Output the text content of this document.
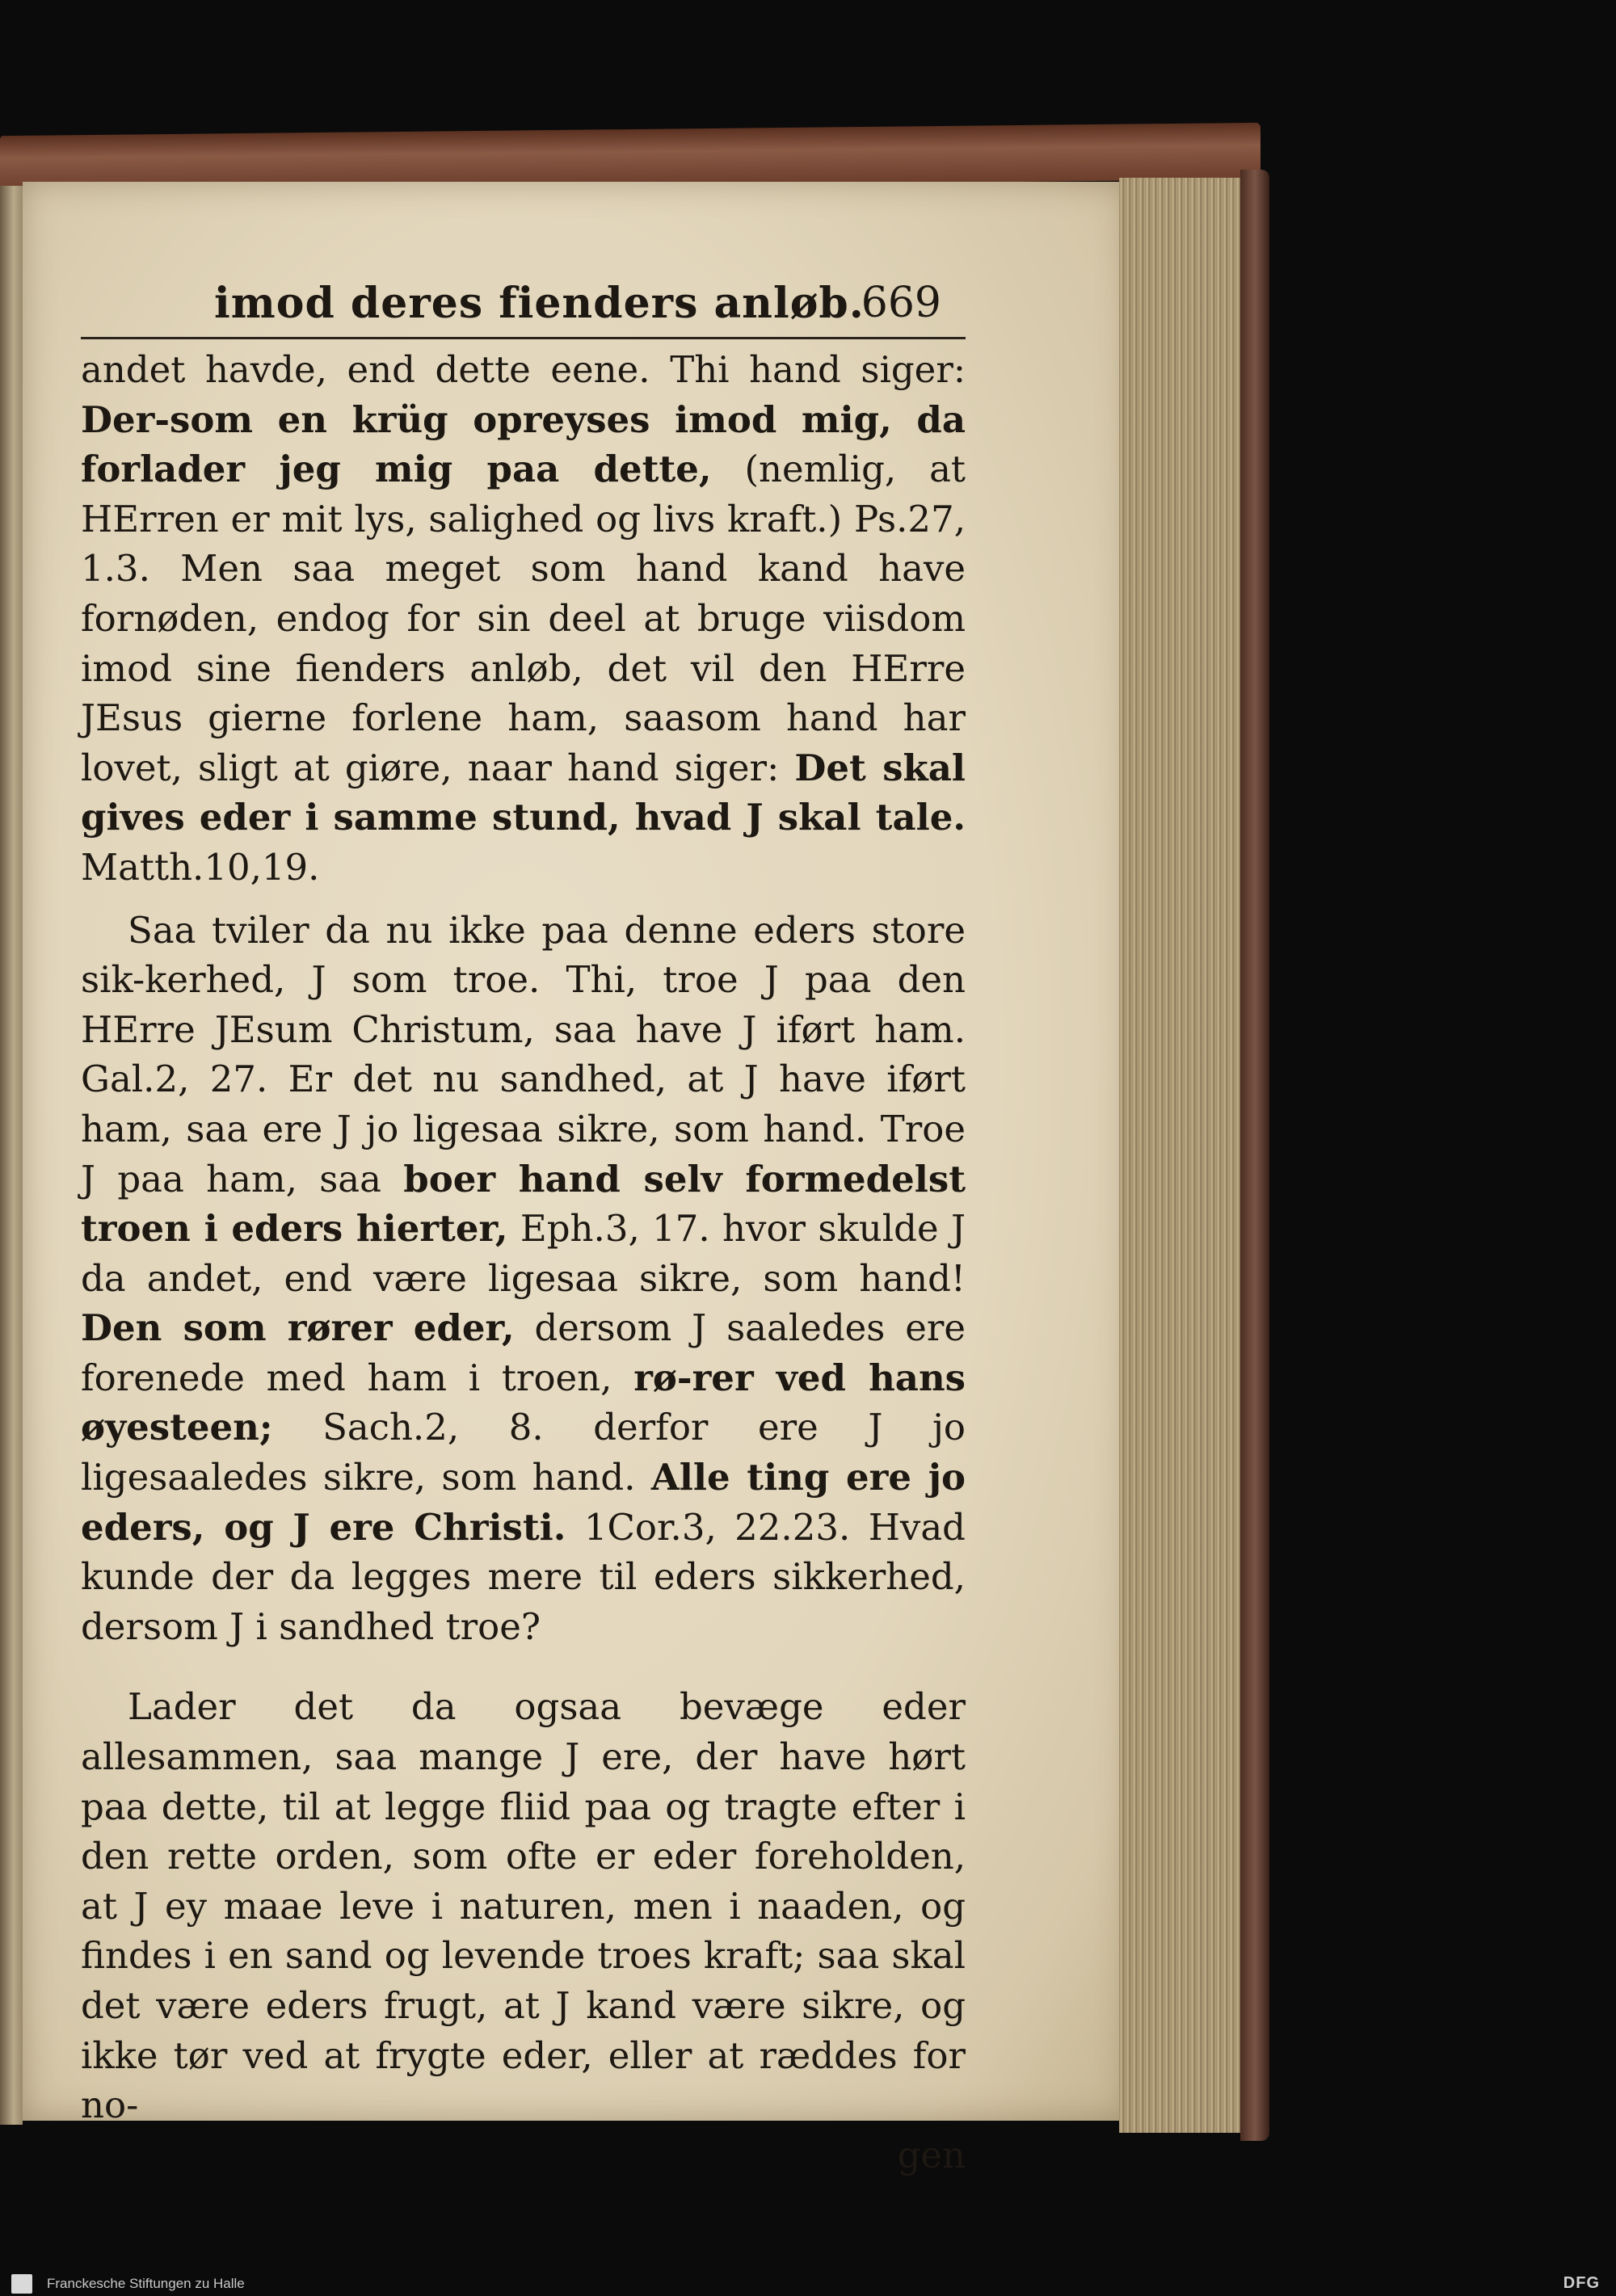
imod deres fienders anløb.
669

andet havde, end dette eene. Thi hand siger: Der-som en krüg opreyses imod mig, da forlader jeg mig paa dette, (nemlig, at HErren er mit lys, salighed og livs kraft.) Ps.27, 1.3. Men saa meget som hand kand have fornøden, endog for sin deel at bruge viisdom imod sine fienders anløb, det vil den HErre JEsus gierne forlene ham, saasom hand har lovet, sligt at giøre, naar hand siger: Det skal gives eder i samme stund, hvad J skal tale. Matth.10,19.

Saa tviler da nu ikke paa denne eders store sik-kerhed, J som troe. Thi, troe J paa den HErre JEsum Christum, saa have J iført ham. Gal.2, 27. Er det nu sandhed, at J have iført ham, saa ere J jo ligesaa sikre, som hand. Troe J paa ham, saa boer hand selv formedelst troen i eders hierter, Eph.3, 17. hvor skulde J da andet, end være ligesaa sikre, som hand! Den som rører eder, dersom J saaledes ere forenede med ham i troen, rø-rer ved hans øyesteen; Sach.2, 8. derfor ere J jo ligesaaledes sikre, som hand. Alle ting ere jo eders, og J ere Christi. 1Cor.3, 22.23. Hvad kunde der da legges mere til eders sikkerhed, dersom J i sandhed troe?

Lader det da ogsaa bevæge eder allesammen, saa mange J ere, der have hørt paa dette, til at legge fliid paa og tragte efter i den rette orden, som ofte er eder foreholden, at J ey maae leve i naturen, men i naaden, og findes i en sand og levende troes kraft; saa skal det være eders frugt, at J kand være sikre, og ikke tør ved at frygte eder, eller at ræddes for no-

gen
Franckesche Stiftungen zu Halle	DFG
